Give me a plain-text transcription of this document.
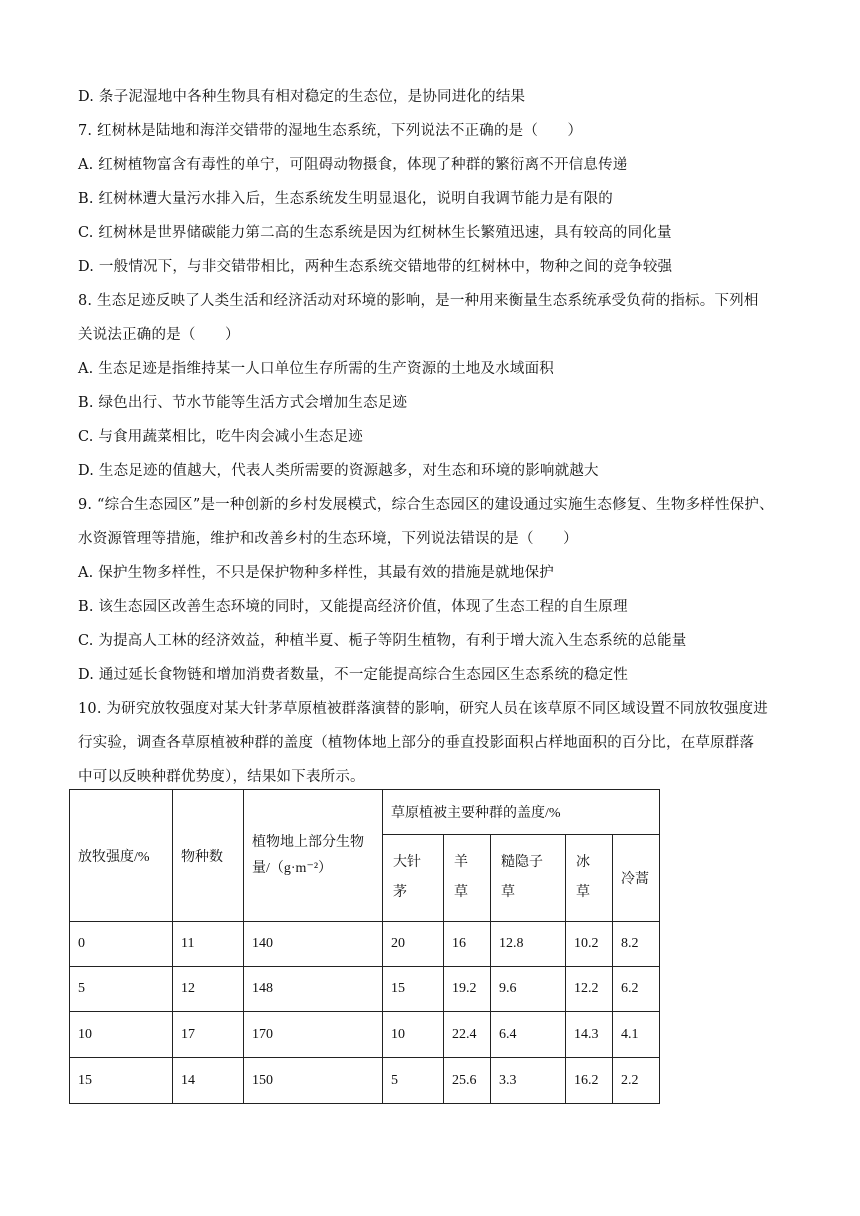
D. 条子泥湿地中各种生物具有相对稳定的生态位，是协同进化的结果
7. 红树林是陆地和海洋交错带的湿地生态系统，下列说法不正确的是（　　）
A. 红树植物富含有毒性的单宁，可阻碍动物摄食，体现了种群的繁衍离不开信息传递
B. 红树林遭大量污水排入后，生态系统发生明显退化，说明自我调节能力是有限的
C. 红树林是世界储碳能力第二高的生态系统是因为红树林生长繁殖迅速，具有较高的同化量
D. 一般情况下，与非交错带相比，两种生态系统交错地带的红树林中，物种之间的竞争较强
8. 生态足迹反映了人类生活和经济活动对环境的影响，是一种用来衡量生态系统承受负荷的指标。下列相
关说法正确的是（　　）
A. 生态足迹是指维持某一人口单位生存所需的生产资源的土地及水域面积
B. 绿色出行、节水节能等生活方式会增加生态足迹
C. 与食用蔬菜相比，吃牛肉会减小生态足迹
D. 生态足迹的值越大，代表人类所需要的资源越多，对生态和环境的影响就越大
9. “综合生态园区”是一种创新的乡村发展模式，综合生态园区的建设通过实施生态修复、生物多样性保护、
水资源管理等措施，维护和改善乡村的生态环境，下列说法错误的是（　　）
A. 保护生物多样性，不只是保护物种多样性，其最有效的措施是就地保护
B. 该生态园区改善生态环境的同时，又能提高经济价值，体现了生态工程的自生原理
C. 为提高人工林的经济效益，种植半夏、栀子等阴生植物，有利于增大流入生态系统的总能量
D. 通过延长食物链和增加消费者数量，不一定能提高综合生态园区生态系统的稳定性
10. 为研究放牧强度对某大针茅草原植被群落演替的影响，研究人员在该草原不同区域设置不同放牧强度进
行实验，调查各草原植被种群的盖度（植物体地上部分的垂直投影面积占样地面积的百分比，在草原群落
中可以反映种群优势度），结果如下表所示。
放牧强度/%	物种数	植物地上部分生物量/（g·m⁻²）	草原植被主要种群的盖度/%				
			大针茅	羊草	糙隐子草	冰草	冷蒿
0	11	140	20	16	12.8	10.2	8.2
5	12	148	15	19.2	9.6	12.2	6.2
10	17	170	10	22.4	6.4	14.3	4.1
15	14	150	5	25.6	3.3	16.2	2.2
